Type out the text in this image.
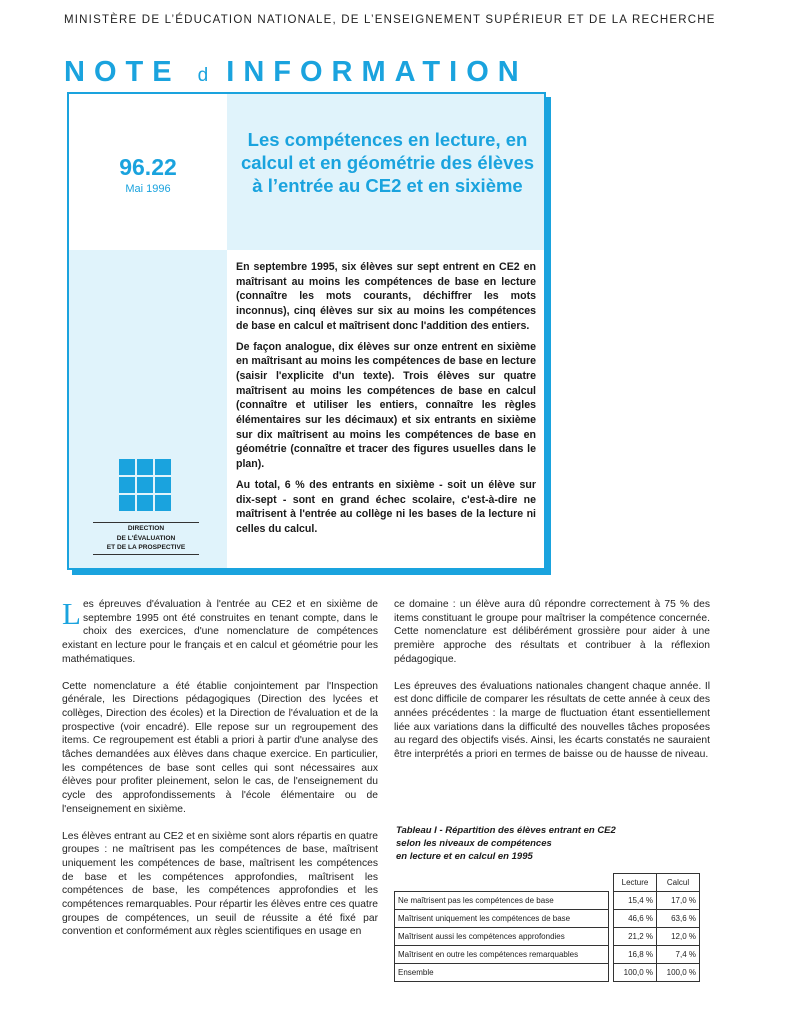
MINISTÈRE DE L’ÉDUCATION NATIONALE, DE L’ENSEIGNEMENT SUPÉRIEUR ET DE LA RECHERCHE
NOTE d INFORMATION
96.22
Mai 1996
Les compétences en lecture, en calcul et en géométrie des élèves à l’entrée au CE2 et en sixième
DIRECTION
DE L'ÉVALUATION
ET DE LA PROSPECTIVE

En septembre 1995, six élèves sur sept entrent en CE2 en maîtrisant au moins les compétences de base en lecture (connaître les mots courants, déchiffrer les mots inconnus), cinq élèves sur six au moins les compétences de base en calcul et maîtrisent donc l'addition des entiers.

De façon analogue, dix élèves sur onze entrent en sixième en maîtrisant au moins les compétences de base en lecture (saisir l'explicite d'un texte). Trois élèves sur quatre maîtrisent au moins les compétences de base en calcul (connaître et utiliser les entiers, connaître les règles élémentaires sur les décimaux) et six entrants en sixième sur dix maîtrisent au moins les compétences de base en géométrie (connaître et tracer des figures usuelles dans le plan).

Au total, 6 % des entrants en sixième - soit un élève sur dix-sept - sont en grand échec scolaire, c'est-à-dire ne maîtrisent à l'entrée au collège ni les bases de la lecture ni celles du calcul.

Les épreuves d'évaluation à l'entrée au CE2 et en sixième de septembre 1995 ont été construites en tenant compte, dans le choix des exercices, d'une nomenclature de compétences existant en lecture pour le français et en calcul et géométrie pour les mathématiques.

Cette nomenclature a été établie conjointement par l'Inspection générale, les Directions pédagogiques (Direction des lycées et collèges, Direction des écoles) et la Direction de l'évaluation et de la prospective (voir encadré). Elle repose sur un regroupement des items. Ce regroupement est établi a priori à partir d'une analyse des tâches demandées aux élèves dans chaque exercice. En particulier, les compétences de base sont celles qui sont nécessaires aux élèves pour profiter pleinement, selon le cas, de l'enseignement du cycle des approfondissements à l'école élémentaire ou de l'enseignement en sixième.

Les élèves entrant au CE2 et en sixième sont alors répartis en quatre groupes : ne maîtrisent pas les compétences de base, maîtrisent uniquement les compétences de base, maîtrisent les compétences de base et les compétences approfondies, maîtrisent les compétences de base, les compétences approfondies et les compétences remarquables. Pour répartir les élèves entre ces quatre groupes de compétences, un seuil de réussite a été fixé par convention et conformément aux règles scientifiques en usage en

ce domaine : un élève aura dû répondre correctement à 75 % des items constituant le groupe pour maîtriser la compétence concernée. Cette nomenclature est délibérément grossière pour aider à une première approche des résultats et contribuer à la réflexion pédagogique.

Les épreuves des évaluations nationales changent chaque année. Il est donc difficile de comparer les résultats de cette année à ceux des années précédentes : la marge de fluctuation étant essentiellement liée aux variations dans la difficulté des nouvelles tâches proposées au regard des objectifs visés. Ainsi, les écarts constatés ne sauraient être interprétés a priori en termes de baisse ou de hausse de niveau.

Tableau I - Répartition des élèves entrant en CE2
selon les niveaux de compétences
en lecture et en calcul en 1995
		Lecture	Calcul
Ne maîtrisent pas les compétences de base		15,4 %	17,0 %
Maîtrisent uniquement les compétences de base		46,6 %	63,6 %
Maîtrisent aussi les compétences approfondies		21,2 %	12,0 %
Maîtrisent en outre les compétences remarquables		16,8 %	7,4 %
Ensemble		100,0 %	100,0 %
